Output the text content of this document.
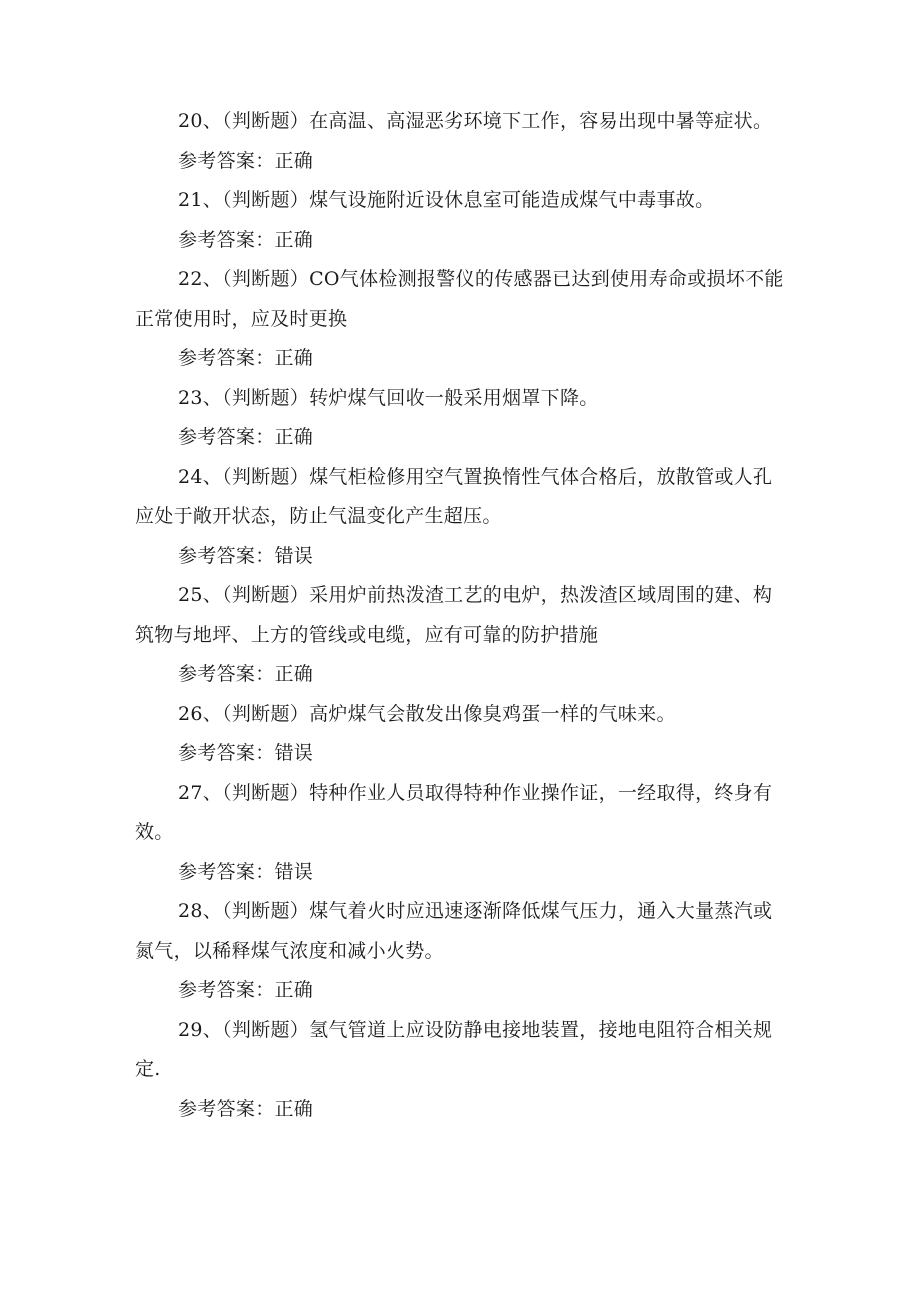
20、（判断题）在高温、高湿恶劣环境下工作，容易出现中暑等症状。

参考答案：正确

21、（判断题）煤气设施附近设休息室可能造成煤气中毒事故。

参考答案：正确

22、（判断题）CO气体检测报警仪的传感器已达到使用寿命或损坏不能正常使用时，应及时更换

参考答案：正确

23、（判断题）转炉煤气回收一般采用烟罩下降。

参考答案：正确

24、（判断题）煤气柜检修用空气置换惰性气体合格后，放散管或人孔应处于敞开状态，防止气温变化产生超压。

参考答案：错误

25、（判断题）采用炉前热泼渣工艺的电炉，热泼渣区域周围的建、构筑物与地坪、上方的管线或电缆，应有可靠的防护措施

参考答案：正确

26、（判断题）高炉煤气会散发出像臭鸡蛋一样的气味来。

参考答案：错误

27、（判断题）特种作业人员取得特种作业操作证，一经取得，终身有效。

参考答案：错误

28、（判断题）煤气着火时应迅速逐渐降低煤气压力，通入大量蒸汽或氮气，以稀释煤气浓度和减小火势。

参考答案：正确

29、（判断题）氢气管道上应设防静电接地装置，接地电阻符合相关规定.

参考答案：正确
